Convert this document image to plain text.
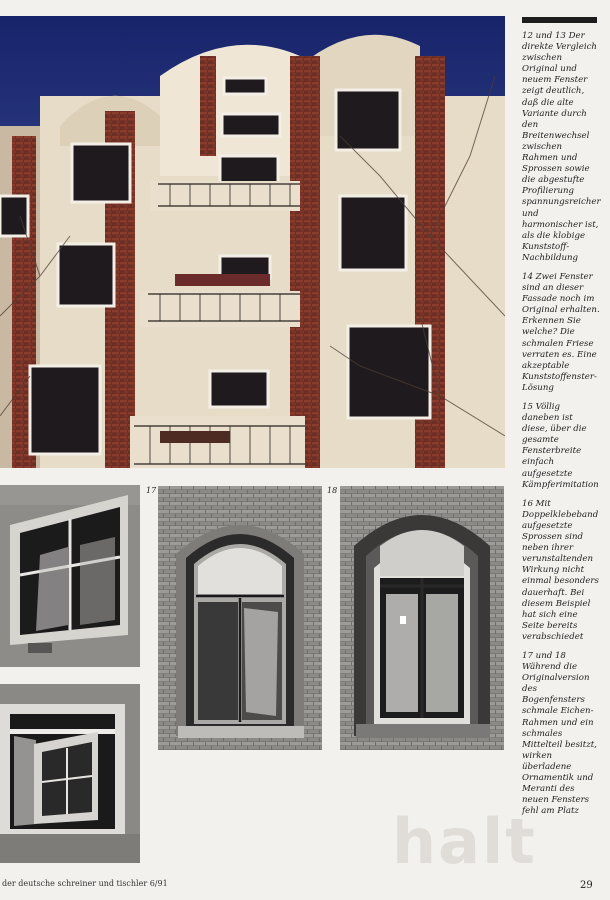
17	18
halt

12 und 13 Der direkte Vergleich zwischen Original und neuem Fenster zeigt deutlich, daß die alte Variante durch den Breitenwechsel zwischen Rahmen und Sprossen sowie die abgestufte Profilierung spannungsreicher und harmonischer ist, als die klobige Kunststoff-Nachbildung

14 Zwei Fenster sind an dieser Fassade noch im Original erhalten. Erkennen Sie welche? Die schmalen Friese verraten es. Eine akzeptable Kunststoffenster-Lösung

15 Völlig daneben ist diese, über die gesamte Fensterbreite einfach aufgesetzte Kämpferimitation

16 Mit Doppelklebeband aufgesetzte Sprossen sind neben ihrer verunstaltenden Wirkung nicht einmal besonders dauerhaft. Bei diesem Beispiel hat sich eine Seite bereits verabschiedet

17 und 18 Während die Originalversion des Bogenfensters schmale Eichen-Rahmen und ein schmales Mittelteil besitzt, wirken überladene Ornamentik und Meranti des neuen Fensters fehl am Platz

der deutsche schreiner und tischler 6/91	29
